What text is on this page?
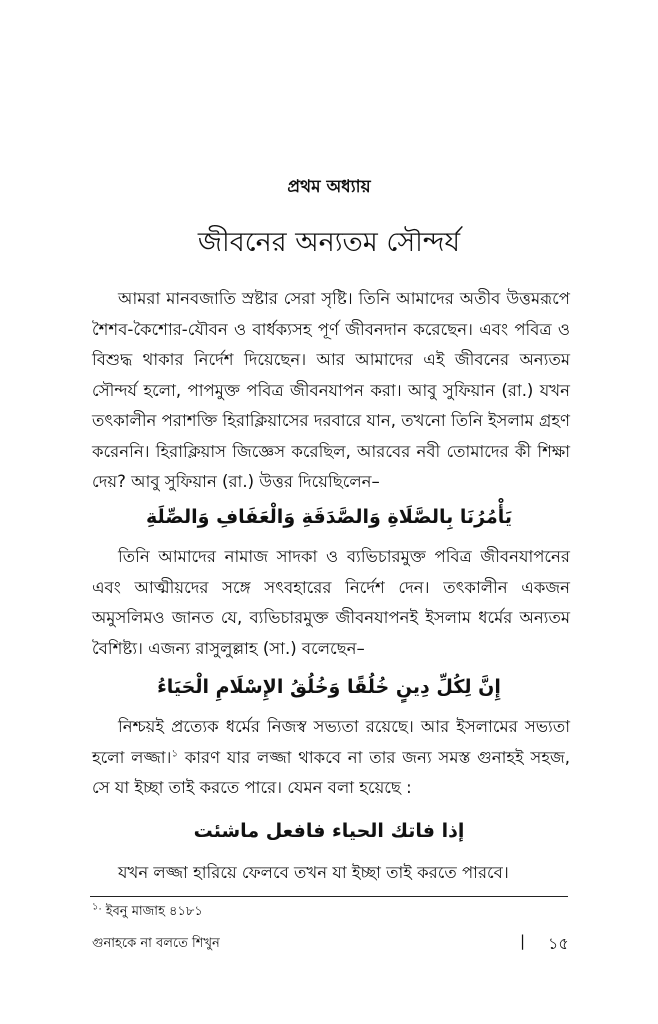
প্রথম অধ্যায়
জীবনের অন্যতম সৌন্দর্য

আমরা মানবজাতি স্রষ্টার সেরা সৃষ্টি। তিনি আমাদের অতীব উত্তমরূপে শৈশব-কৈশোর-যৌবন ও বার্ধক্যসহ পূর্ণ জীবনদান করেছেন। এবং পবিত্র ও বিশুদ্ধ থাকার নির্দেশ দিয়েছেন। আর আমাদের এই জীবনের অন্যতম সৌন্দর্য হলো, পাপমুক্ত পবিত্র জীবনযাপন করা। আবু সুফিয়ান (রা.) যখন তৎকালীন পরাশক্তি হিরাক্লিয়াসের দরবারে যান, তখনো তিনি ইসলাম গ্রহণ করেননি। হিরাক্লিয়াস জিজ্ঞেস করেছিল, আরবের নবী তোমাদের কী শিক্ষা দেয়? আবু সুফিয়ান (রা.) উত্তর দিয়েছিলেন–

يَأْمُرُنَا بِالصَّلَاةِ وَالصَّدَقَةِ وَالْعَفَافِ وَالصِّلَةِ

তিনি আমাদের নামাজ সাদকা ও ব্যভিচারমুক্ত পবিত্র জীবনযাপনের এবং আত্মীয়দের সঙ্গে সৎবহারের নির্দেশ দেন। তৎকালীন একজন অমুসলিমও জানত যে, ব্যভিচারমুক্ত জীবনযাপনই ইসলাম ধর্মের অন্যতম বৈশিষ্ট্য। এজন্য রাসুলুল্লাহ (সা.) বলেছেন–

إِنَّ لِكُلِّ دِينٍ خُلُقًا وَخُلُقُ الإِسْلَامِ الْحَيَاءُ

নিশ্চয়ই প্রত্যেক ধর্মের নিজস্ব সভ্যতা রয়েছে। আর ইসলামের সভ্যতা হলো লজ্জা।$^১$ কারণ যার লজ্জা থাকবে না তার জন্য সমস্ত গুনাহই সহজ, সে যা ইচ্ছা তাই করতে পারে। যেমন বলা হয়েছে :

إذا فاتك الحياء فافعل ماشئت

যখন লজ্জা হারিয়ে ফেলবে তখন যা ইচ্ছা তাই করতে পারবে।

$^{১.}$ ইবনু মাজাহ ৪১৮১
গুনাহকে না বলতে শিখুন	| ১৫
